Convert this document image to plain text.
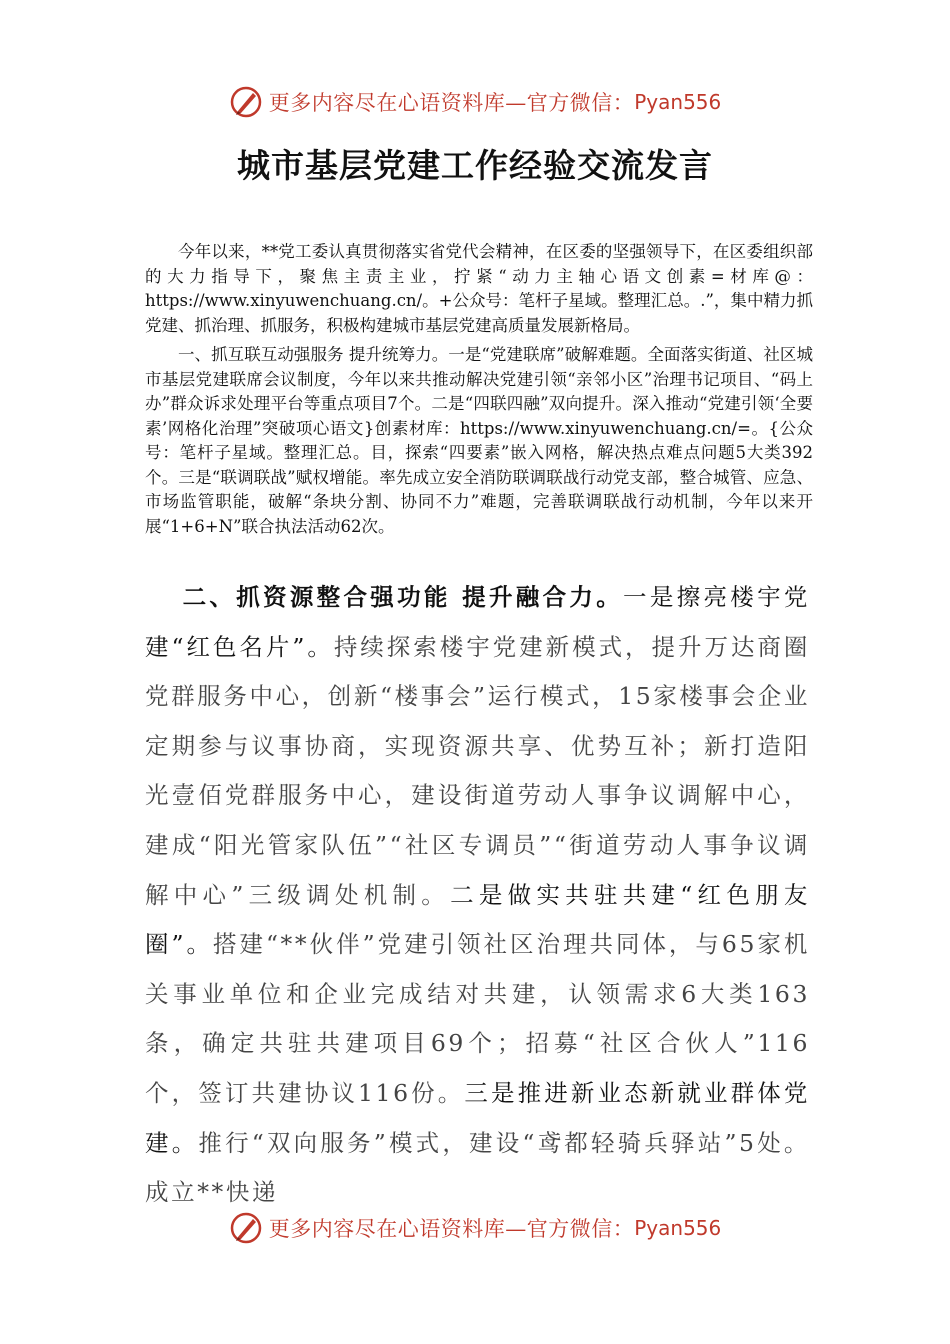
更多内容尽在心语资料库—官方微信： Pyan556
城市基层党建工作经验交流发言

今年以来，**党工委认真贯彻落实省党代会精神，在区委的坚强领导下，在区委组织部的大力指导下，聚焦主责主业，拧紧“动力主轴心语文创素=材库@：https://www.xinyuwenchuang.cn/。+公众号：笔杆子星域。整理汇总。.”，集中精力抓党建、抓治理、抓服务，积极构建城市基层党建高质量发展新格局。

一、抓互联互动强服务 提升统筹力。一是“党建联席”破解难题。全面落实街道、社区城市基层党建联席会议制度，今年以来共推动解决党建引领“亲邻小区”治理书记项目、“码上办”群众诉求处理平台等重点项目7个。二是“四联四融”双向提升。深入推动“党建引领‘全要素’网格化治理”突破项心语文}创素材库：https://www.xinyuwenchuang.cn/=。{公众号：笔杆子星域。整理汇总。目，探索“四要素”嵌入网格，解决热点难点问题5大类392个。三是“联调联战”赋权增能。率先成立安全消防联调联战行动党支部，整合城管、应急、市场监管职能，破解“条块分割、协同不力”难题，完善联调联战行动机制，今年以来开展“1+6+N”联合执法活动62次。

二、抓资源整合强功能 提升融合力。一是擦亮楼宇党建“红色名片”。持续探索楼宇党建新模式，提升万达商圈党群服务中心，创新“楼事会”运行模式，15家楼事会企业定期参与议事协商，实现资源共享、优势互补；新打造阳光壹佰党群服务中心，建设街道劳动人事争议调解中心，建成“阳光管家队伍”“社区专调员”“街道劳动人事争议调解中心”三级调处机制。二是做实共驻共建“红色朋友圈”。搭建“**伙伴”党建引领社区治理共同体，与65家机关事业单位和企业完成结对共建，认领需求6大类163条，确定共驻共建项目69个；招募“社区合伙人”116个，签订共建协议116份。三是推进新业态新就业群体党建。推行“双向服务”模式，建设“鸢都轻骑兵驿站”5处。成立**快递

更多内容尽在心语资料库—官方微信： Pyan556
